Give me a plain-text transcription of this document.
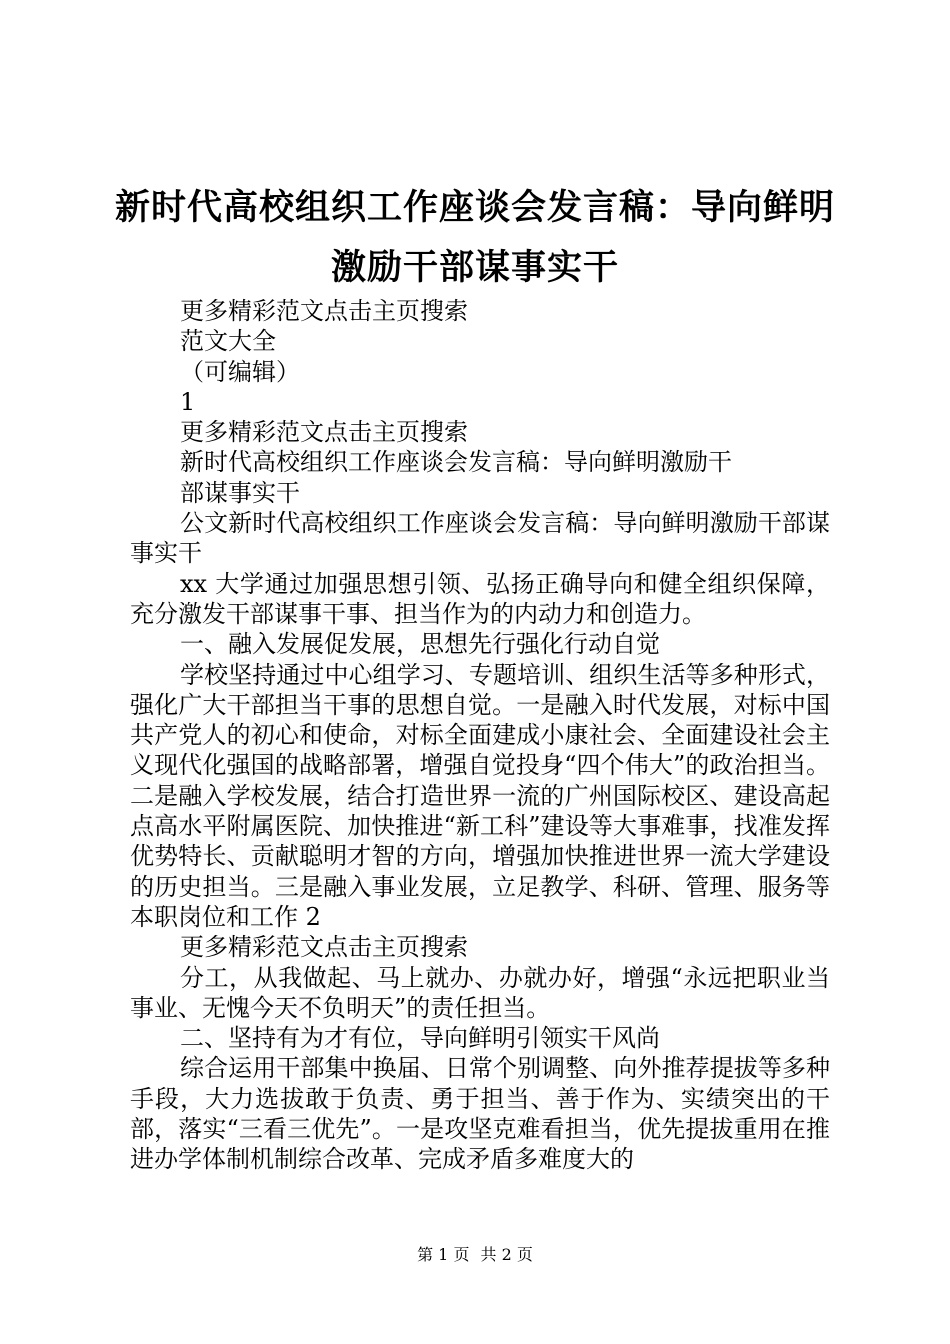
新时代高校组织工作座谈会发言稿：导向鲜明
激励干部谋事实干

更多精彩范文点击主页搜索

范文大全

（可编辑）

1

更多精彩范文点击主页搜索

新时代高校组织工作座谈会发言稿：导向鲜明激励干

部谋事实干

公文新时代高校组织工作座谈会发言稿：导向鲜明激励干部谋事实干

xx 大学通过加强思想引领、弘扬正确导向和健全组织保障，充分激发干部谋事干事、担当作为的内动力和创造力。

一、融入发展促发展，思想先行强化行动自觉

学校坚持通过中心组学习、专题培训、组织生活等多种形式，强化广大干部担当干事的思想自觉。一是融入时代发展，对标中国共产党人的初心和使命，对标全面建成小康社会、全面建设社会主义现代化强国的战略部署，增强自觉投身“四个伟大”的政治担当。二是融入学校发展，结合打造世界一流的广州国际校区、建设高起点高水平附属医院、加快推进“新工科”建设等大事难事，找准发挥优势特长、贡献聪明才智的方向，增强加快推进世界一流大学建设的历史担当。三是融入事业发展，立足教学、科研、管理、服务等本职岗位和工作 2

更多精彩范文点击主页搜索

分工，从我做起、马上就办、办就办好，增强“永远把职业当事业、无愧今天不负明天”的责任担当。

二、坚持有为才有位，导向鲜明引领实干风尚

综合运用干部集中换届、日常个别调整、向外推荐提拔等多种手段，大力选拔敢于负责、勇于担当、善于作为、实绩突出的干部，落实“三看三优先”。一是攻坚克难看担当，优先提拔重用在推进办学体制机制综合改革、完成矛盾多难度大的

第 1 页 共 2 页
